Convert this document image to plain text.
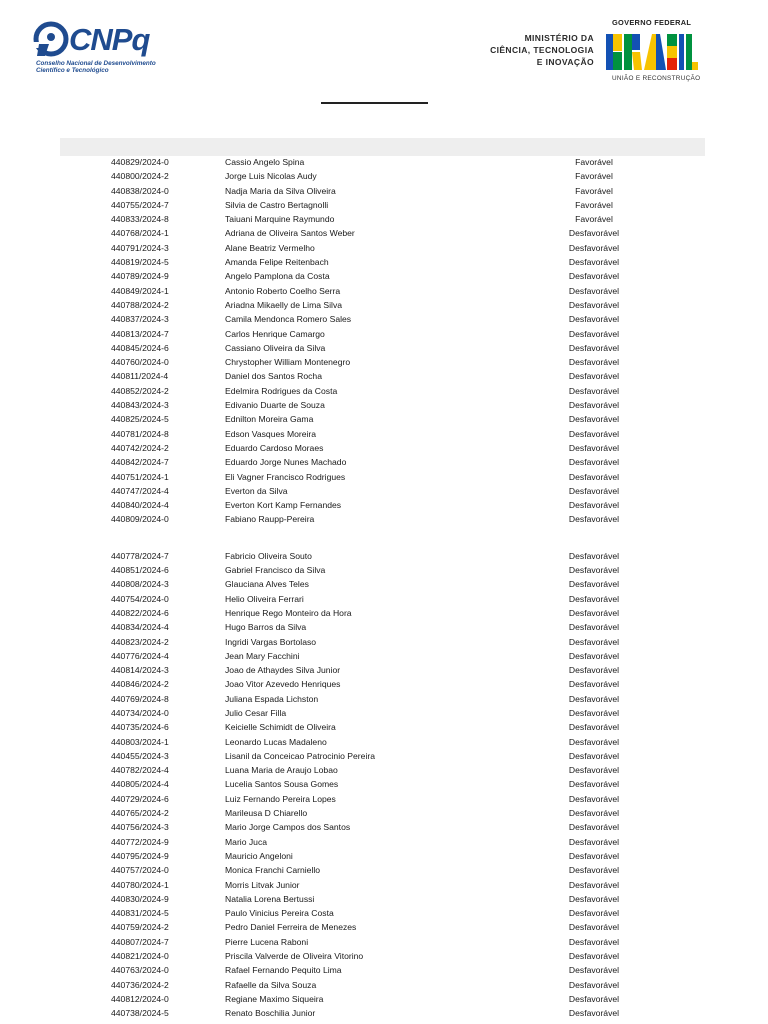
CNPq
Conselho Nacional de Desenvolvimento
Científico e Tecnológico
MINISTÉRIO DA
CIÊNCIA, TECNOLOGIA
E INOVAÇÃO
GOVERNO FEDERAL
BRASIL
UNIÃO E RECONSTRUÇÃO
440829/2024-0	Cassio Angelo Spina	Favorável
440800/2024-2	Jorge Luis Nicolas Audy	Favorável
440838/2024-0	Nadja Maria da Silva Oliveira	Favorável
440755/2024-7	Silvia de Castro Bertagnolli	Favorável
440833/2024-8	Taiuani Marquine Raymundo	Favorável
440768/2024-1	Adriana de Oliveira Santos Weber	Desfavorável
440791/2024-3	Alane Beatriz Vermelho	Desfavorável
440819/2024-5	Amanda Felipe Reitenbach	Desfavorável
440789/2024-9	Angelo Pamplona da Costa	Desfavorável
440849/2024-1	Antonio Roberto Coelho Serra	Desfavorável
440788/2024-2	Ariadna Mikaelly de Lima Silva	Desfavorável
440837/2024-3	Camila Mendonca Romero Sales	Desfavorável
440813/2024-7	Carlos Henrique Camargo	Desfavorável
440845/2024-6	Cassiano Oliveira da Silva	Desfavorável
440760/2024-0	Chrystopher William Montenegro	Desfavorável
440811/2024-4	Daniel dos Santos Rocha	Desfavorável
440852/2024-2	Edelmira Rodrigues da Costa	Desfavorável
440843/2024-3	Edivanio Duarte de Souza	Desfavorável
440825/2024-5	Ednilton Moreira Gama	Desfavorável
440781/2024-8	Edson Vasques Moreira	Desfavorável
440742/2024-2	Eduardo Cardoso Moraes	Desfavorável
440842/2024-7	Eduardo Jorge Nunes Machado	Desfavorável
440751/2024-1	Eli Vagner Francisco Rodrigues	Desfavorável
440747/2024-4	Everton da Silva	Desfavorável
440840/2024-4	Everton Kort Kamp Fernandes	Desfavorável
440809/2024-0	Fabiano Raupp-Pereira	Desfavorável
440778/2024-7	Fabricio Oliveira Souto	Desfavorável
440851/2024-6	Gabriel Francisco da Silva	Desfavorável
440808/2024-3	Glauciana Alves Teles	Desfavorável
440754/2024-0	Helio Oliveira Ferrari	Desfavorável
440822/2024-6	Henrique Rego Monteiro da Hora	Desfavorável
440834/2024-4	Hugo Barros da Silva	Desfavorável
440823/2024-2	Ingridi Vargas Bortolaso	Desfavorável
440776/2024-4	Jean Mary Facchini	Desfavorável
440814/2024-3	Joao de Athaydes Silva Junior	Desfavorável
440846/2024-2	Joao Vitor Azevedo Henriques	Desfavorável
440769/2024-8	Juliana Espada Lichston	Desfavorável
440734/2024-0	Julio Cesar Filla	Desfavorável
440735/2024-6	Keicielle Schimidt de Oliveira	Desfavorável
440803/2024-1	Leonardo Lucas Madaleno	Desfavorável
440455/2024-3	Lisanil da Conceicao Patrocinio Pereira	Desfavorável
440782/2024-4	Luana Maria de Araujo Lobao	Desfavorável
440805/2024-4	Lucelia Santos Sousa Gomes	Desfavorável
440729/2024-6	Luiz Fernando Pereira Lopes	Desfavorável
440765/2024-2	Marileusa D Chiarello	Desfavorável
440756/2024-3	Mario Jorge Campos dos Santos	Desfavorável
440772/2024-9	Mario Juca	Desfavorável
440795/2024-9	Mauricio Angeloni	Desfavorável
440757/2024-0	Monica Franchi Carniello	Desfavorável
440780/2024-1	Morris Litvak Junior	Desfavorável
440830/2024-9	Natalia Lorena Bertussi	Desfavorável
440831/2024-5	Paulo Vinicius Pereira Costa	Desfavorável
440759/2024-2	Pedro Daniel Ferreira de Menezes	Desfavorável
440807/2024-7	Pierre Lucena Raboni	Desfavorável
440821/2024-0	Priscila Valverde de Oliveira Vitorino	Desfavorável
440763/2024-0	Rafael Fernando Pequito Lima	Desfavorável
440736/2024-2	Rafaelle da Silva Souza	Desfavorável
440812/2024-0	Regiane Maximo Siqueira	Desfavorável
440738/2024-5	Renato Boschilia Junior	Desfavorável
